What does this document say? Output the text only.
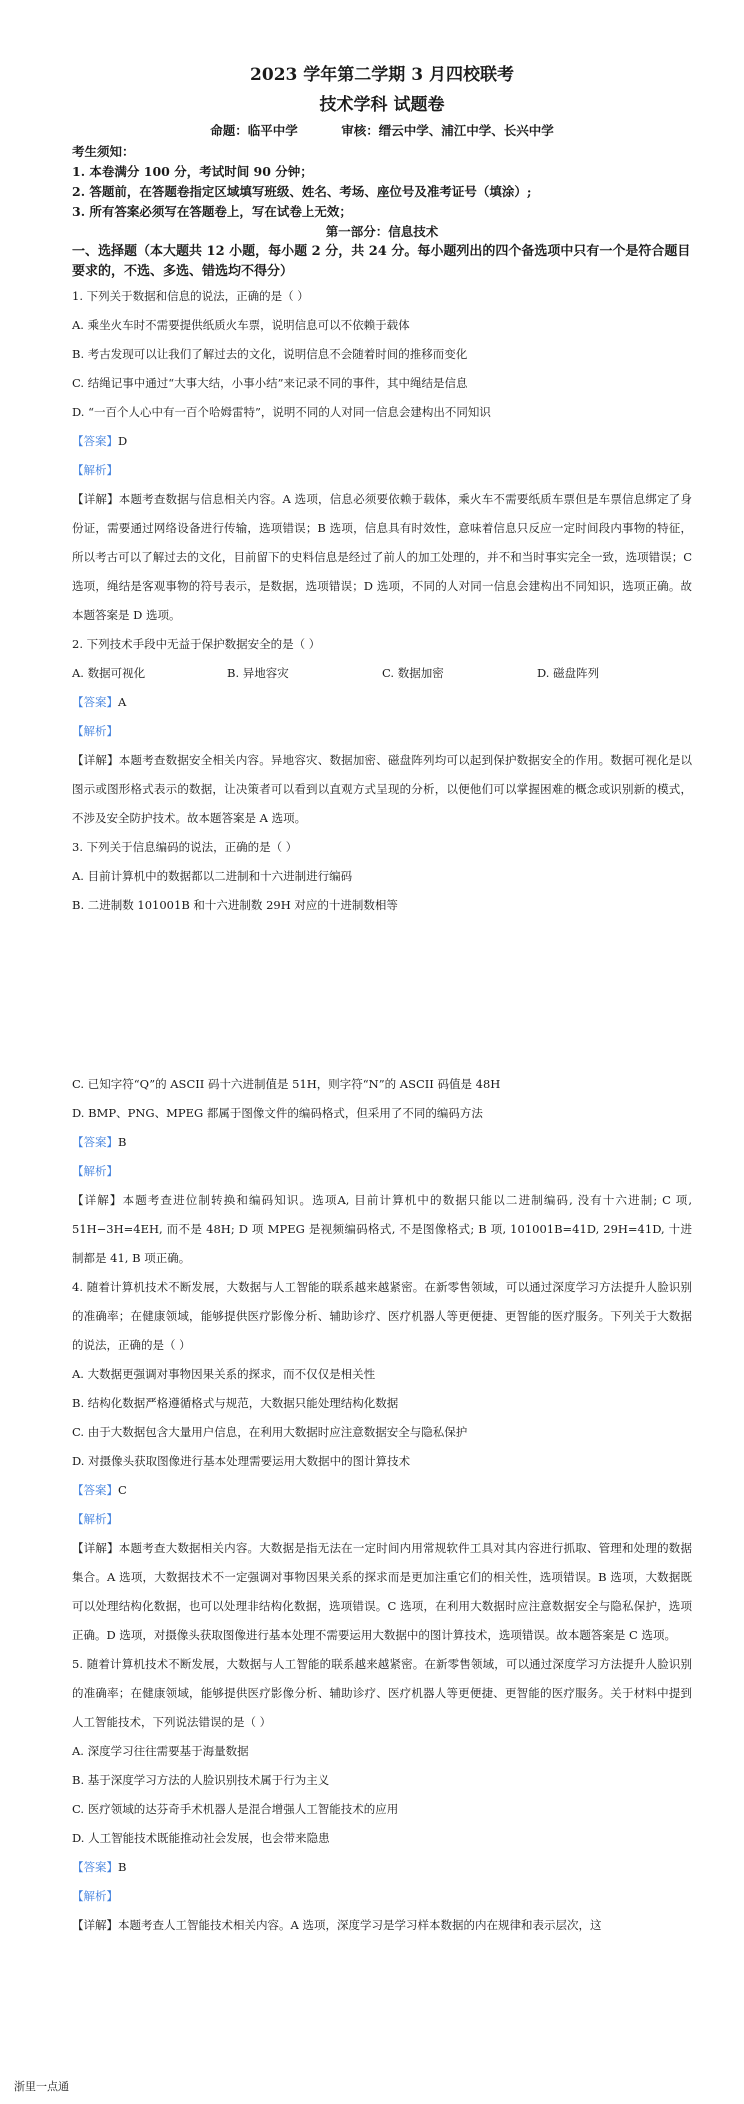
2023 学年第二学期 3 月四校联考
技术学科 试题卷
命题：临平中学          审核：缙云中学、浦江中学、长兴中学
考生须知：
1. 本卷满分 100 分，考试时间 90 分钟；
2. 答题前，在答题卷指定区域填写班级、姓名、考场、座位号及准考证号（填涂）;
3. 所有答案必须写在答题卷上，写在试卷上无效；
第一部分：信息技术
一、选择题（本大题共 12 小题，每小题 2 分，共 24 分。每小题列出的四个备选项中只有一个是符合题目要求的，不选、多选、错选均不得分）
1. 下列关于数据和信息的说法，正确的是（ ）
A. 乘坐火车时不需要提供纸质火车票，说明信息可以不依赖于载体
B. 考古发现可以让我们了解过去的文化，说明信息不会随着时间的推移而变化
C. 结绳记事中通过“大事大结，小事小结”来记录不同的事件，其中绳结是信息
D. “一百个人心中有一百个哈姆雷特”，说明不同的人对同一信息会建构出不同知识
【答案】D
【解析】
【详解】本题考查数据与信息相关内容。A 选项，信息必须要依赖于载体，乘火车不需要纸质车票但是车票信息绑定了身份证，需要通过网络设备进行传输，选项错误；B 选项，信息具有时效性，意味着信息只反应一定时间段内事物的特征，所以考古可以了解过去的文化，目前留下的史料信息是经过了前人的加工处理的，并不和当时事实完全一致，选项错误；C 选项，绳结是客观事物的符号表示，是数据，选项错误；D 选项，不同的人对同一信息会建构出不同知识，选项正确。故本题答案是 D 选项。
2. 下列技术手段中无益于保护数据安全的是（ ）
A. 数据可视化	B. 异地容灾	C. 数据加密	D. 磁盘阵列
【答案】A
【解析】
【详解】本题考查数据安全相关内容。异地容灾、数据加密、磁盘阵列均可以起到保护数据安全的作用。数据可视化是以图示或图形格式表示的数据，让决策者可以看到以直观方式呈现的分析，以便他们可以掌握困难的概念或识别新的模式，不涉及安全防护技术。故本题答案是 A 选项。
3. 下列关于信息编码的说法，正确的是（ ）
A. 目前计算机中的数据都以二进制和十六进制进行编码
B. 二进制数 101001B 和十六进制数 29H 对应的十进制数相等
C. 已知字符“Q”的 ASCII 码十六进制值是 51H，则字符“N”的 ASCII 码值是 48H
D. BMP、PNG、MPEG 都属于图像文件的编码格式，但采用了不同的编码方法
【答案】B
【解析】
【详解】本题考查进位制转换和编码知识。选项A, 目前计算机中的数据只能以二进制编码, 没有十六进制; C 项, 51H−3H=4EH, 而不是 48H; D 项 MPEG 是视频编码格式, 不是图像格式; B 项, 101001B=41D, 29H=41D, 十进制都是 41, B 项正确。
4. 随着计算机技术不断发展，大数据与人工智能的联系越来越紧密。在新零售领域，可以通过深度学习方法提升人脸识别的准确率；在健康领域，能够提供医疗影像分析、辅助诊疗、医疗机器人等更便捷、更智能的医疗服务。下列关于大数据的说法，正确的是（ ）
A. 大数据更强调对事物因果关系的探求，而不仅仅是相关性
B. 结构化数据严格遵循格式与规范，大数据只能处理结构化数据
C. 由于大数据包含大量用户信息，在利用大数据时应注意数据安全与隐私保护
D. 对摄像头获取图像进行基本处理需要运用大数据中的图计算技术
【答案】C
【解析】
【详解】本题考查大数据相关内容。大数据是指无法在一定时间内用常规软件工具对其内容进行抓取、管理和处理的数据集合。A 选项，大数据技术不一定强调对事物因果关系的探求而是更加注重它们的相关性，选项错误。B 选项，大数据既可以处理结构化数据，也可以处理非结构化数据，选项错误。C 选项，在利用大数据时应注意数据安全与隐私保护，选项正确。D 选项，对摄像头获取图像进行基本处理不需要运用大数据中的图计算技术，选项错误。故本题答案是 C 选项。
5. 随着计算机技术不断发展，大数据与人工智能的联系越来越紧密。在新零售领域，可以通过深度学习方法提升人脸识别的准确率；在健康领域，能够提供医疗影像分析、辅助诊疗、医疗机器人等更便捷、更智能的医疗服务。关于材料中提到人工智能技术，下列说法错误的是（ ）
A. 深度学习往往需要基于海量数据
B. 基于深度学习方法的人脸识别技术属于行为主义
C. 医疗领域的达芬奇手术机器人是混合增强人工智能技术的应用
D. 人工智能技术既能推动社会发展，也会带来隐患
【答案】B
【解析】
【详解】本题考查人工智能技术相关内容。A 选项，深度学习是学习样本数据的内在规律和表示层次，这
浙里一点通
